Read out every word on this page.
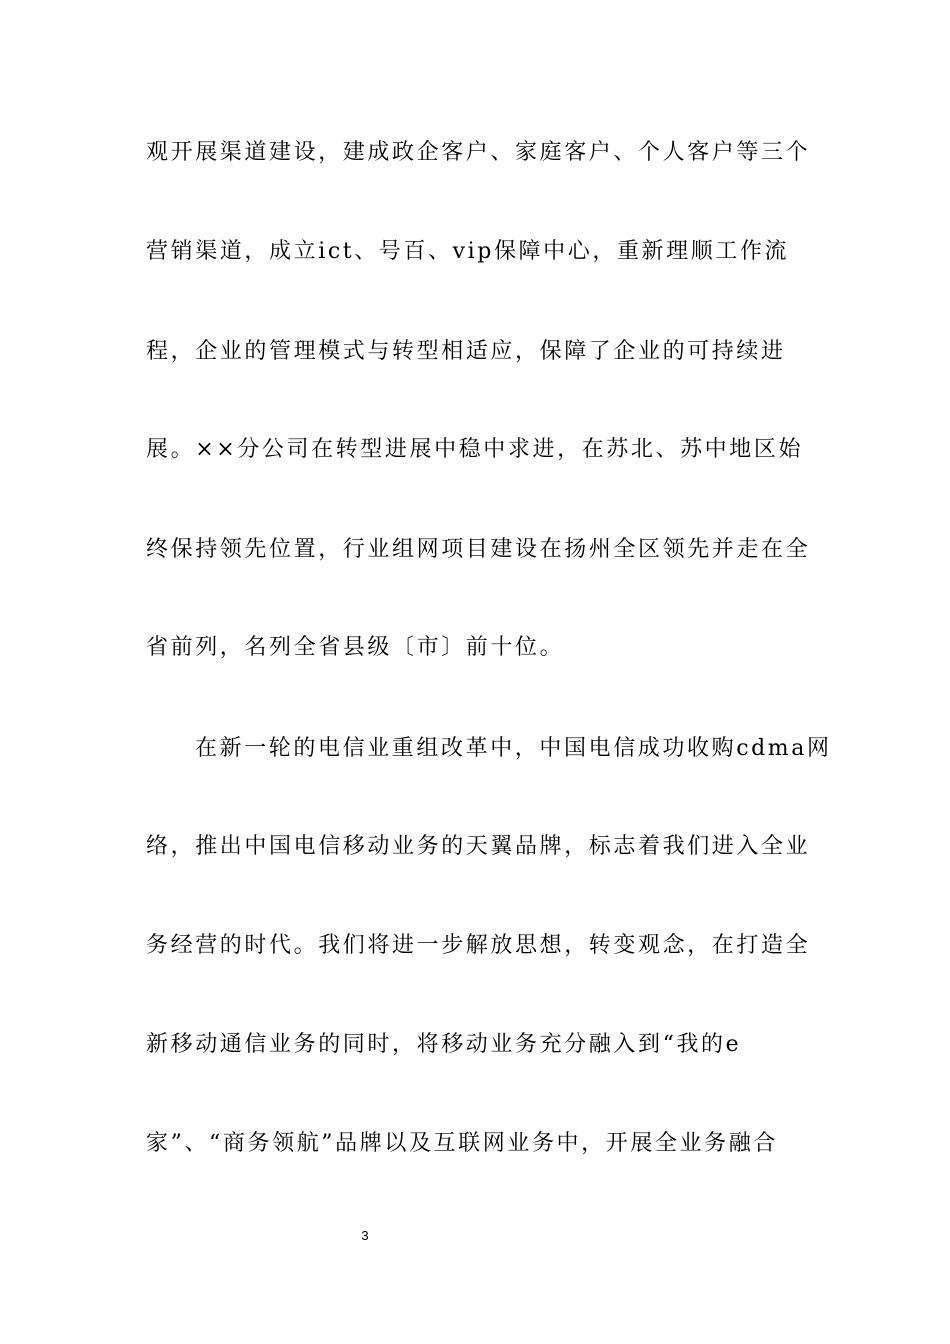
观开展渠道建设，建成政企客户、家庭客户、个人客户等三个
营销渠道，成立ict、号百、vip保障中心，重新理顺工作流
程，企业的管理模式与转型相适应，保障了企业的可持续进
展。××分公司在转型进展中稳中求进，在苏北、苏中地区始
终保持领先位置，行业组网项目建设在扬州全区领先并走在全
省前列，名列全省县级〔市〕前十位。
在新一轮的电信业重组改革中，中国电信成功收购cdma网
络，推出中国电信移动业务的天翼品牌，标志着我们进入全业
务经营的时代。我们将进一步解放思想，转变观念，在打造全
新移动通信业务的同时，将移动业务充分融入到“我的e
家”、“商务领航”品牌以及互联网业务中，开展全业务融合
3
